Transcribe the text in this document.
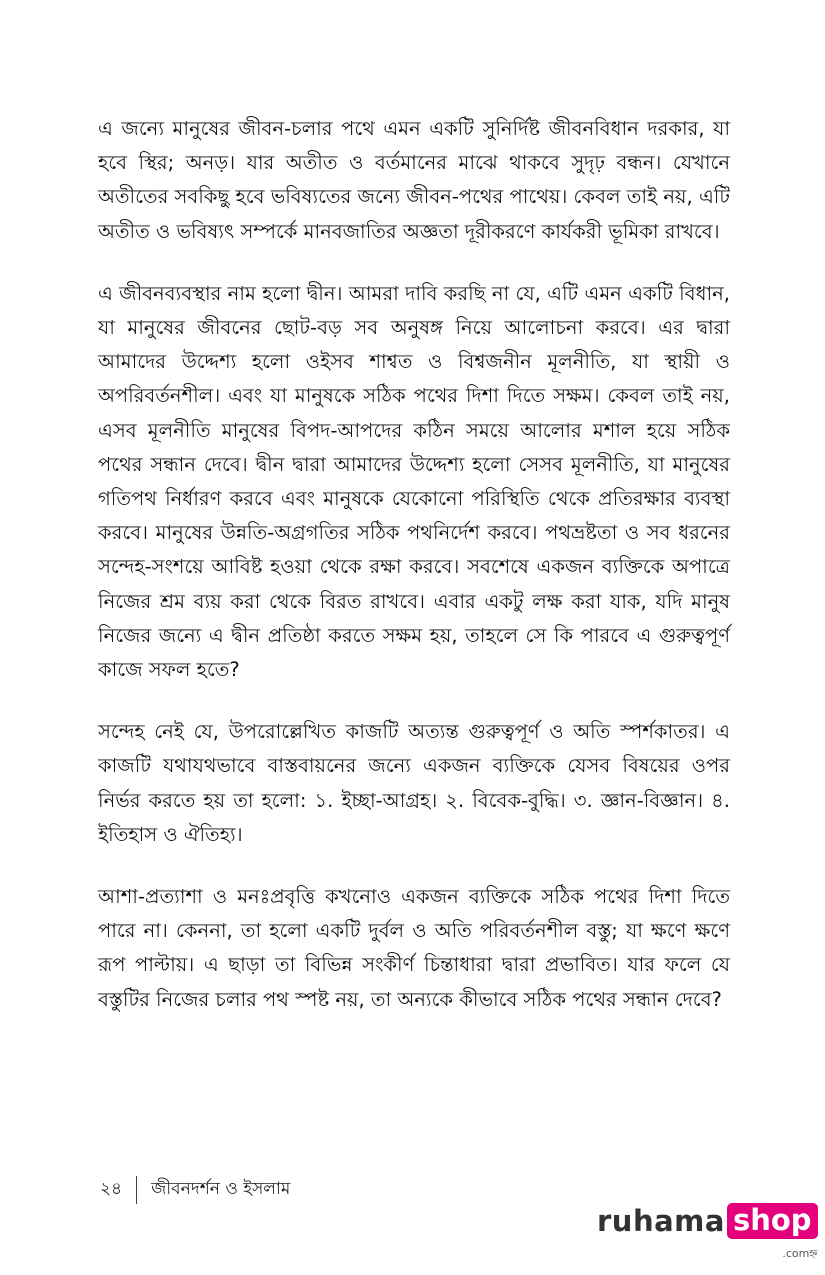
এ জন্যে মানুষের জীবন-চলার পথে এমন একটি সুনির্দিষ্ট জীবনবিধান দরকার, যা হবে স্থির; অনড়। যার অতীত ও বর্তমানের মাঝে থাকবে সুদৃঢ় বন্ধন। যেখানে অতীতের সবকিছু হবে ভবিষ্যতের জন্যে জীবন-পথের পাথেয়। কেবল তাই নয়, এটি অতীত ও ভবিষ্যৎ সম্পর্কে মানবজাতির অজ্ঞতা দূরীকরণে কার্যকরী ভূমিকা রাখবে।

এ জীবনব্যবস্থার নাম হলো দ্বীন। আমরা দাবি করছি না যে, এটি এমন একটি বিধান, যা মানুষের জীবনের ছোট-বড় সব অনুষঙ্গ নিয়ে আলোচনা করবে। এর দ্বারা আমাদের উদ্দেশ্য হলো ওইসব শাশ্বত ও বিশ্বজনীন মূলনীতি, যা স্থায়ী ও অপরিবর্তনশীল। এবং যা মানুষকে সঠিক পথের দিশা দিতে সক্ষম। কেবল তাই নয়, এসব মূলনীতি মানুষের বিপদ-আপদের কঠিন সময়ে আলোর মশাল হয়ে সঠিক পথের সন্ধান দেবে। দ্বীন দ্বারা আমাদের উদ্দেশ্য হলো সেসব মূলনীতি, যা মানুষের গতিপথ নির্ধারণ করবে এবং মানুষকে যেকোনো পরিস্থিতি থেকে প্রতিরক্ষার ব্যবস্থা করবে। মানুষের উন্নতি-অগ্রগতির সঠিক পথনির্দেশ করবে। পথভ্রষ্টতা ও সব ধরনের সন্দেহ-সংশয়ে আবিষ্ট হওয়া থেকে রক্ষা করবে। সবশেষে একজন ব্যক্তিকে অপাত্রে নিজের শ্রম ব্যয় করা থেকে বিরত রাখবে। এবার একটু লক্ষ করা যাক, যদি মানুষ নিজের জন্যে এ দ্বীন প্রতিষ্ঠা করতে সক্ষম হয়, তাহলে সে কি পারবে এ গুরুত্বপূর্ণ কাজে সফল হতে?

সন্দেহ নেই যে, উপরোল্লেখিত কাজটি অত্যন্ত গুরুত্বপূর্ণ ও অতি স্পর্শকাতর। এ কাজটি যথাযথভাবে বাস্তবায়নের জন্যে একজন ব্যক্তিকে যেসব বিষয়ের ওপর নির্ভর করতে হয় তা হলো: ১. ইচ্ছা-আগ্রহ। ২. বিবেক-বুদ্ধি। ৩. জ্ঞান-বিজ্ঞান। ৪. ইতিহাস ও ঐতিহ্য।

আশা-প্রত্যাশা ও মনঃপ্রবৃত্তি কখনোও একজন ব্যক্তিকে সঠিক পথের দিশা দিতে পারে না। কেননা, তা হলো একটি দুর্বল ও অতি পরিবর্তনশীল বস্তু; যা ক্ষণে ক্ষণে রূপ পাল্টায়। এ ছাড়া তা বিভিন্ন সংকীর্ণ চিন্তাধারা দ্বারা প্রভাবিত। যার ফলে যে বস্তুটির নিজের চলার পথ স্পষ্ট নয়, তা অন্যকে কীভাবে সঠিক পথের সন্ধান দেবে?

২৪ জীবনদর্শন ও ইসলাম
ruhama shop
.comহ্ন
